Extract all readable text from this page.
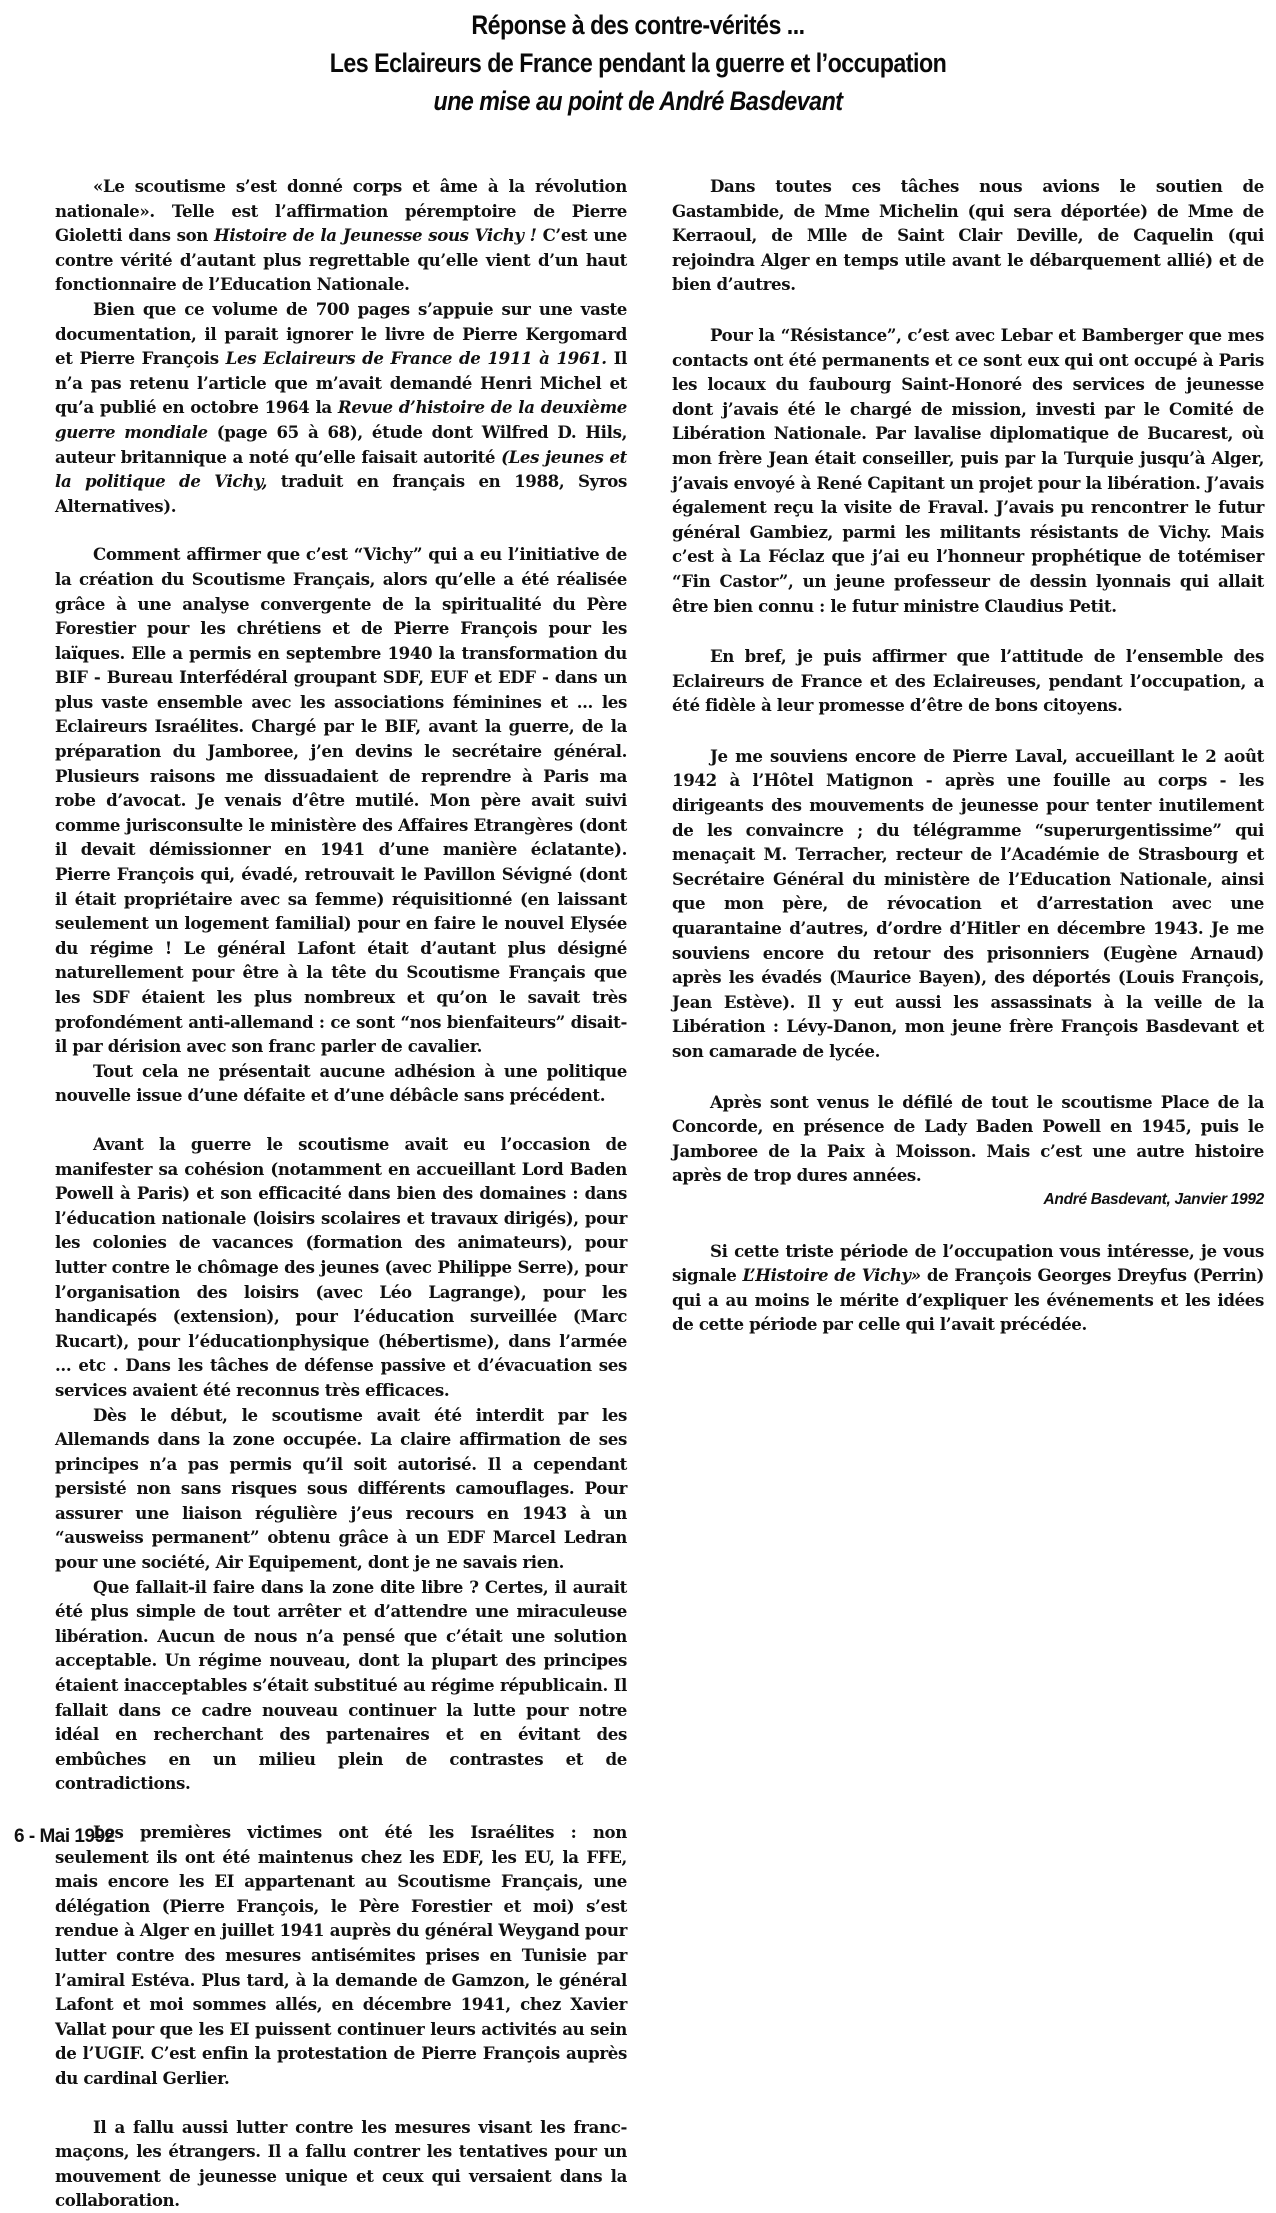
Réponse à des contre-vérités ...
Les Eclaireurs de France pendant la guerre et l’occupation
une mise au point de André Basdevant

«Le scoutisme s’est donné corps et âme à la révolution nationale». Telle est l’affirmation péremptoire de Pierre Gioletti dans son Histoire de la Jeunesse sous Vichy ! C’est une contre vérité d’autant plus regrettable qu’elle vient d’un haut fonctionnaire de l’Education Nationale.

Bien que ce volume de 700 pages s’appuie sur une vaste documentation, il parait ignorer le livre de Pierre Kergomard et Pierre François Les Eclaireurs de France de 1911 à 1961. Il n’a pas retenu l’article que m’avait demandé Henri Michel et qu’a publié en octobre 1964 la Revue d’histoire de la deuxième guerre mondiale (page 65 à 68), étude dont Wilfred D. Hils, auteur britannique a noté qu’elle faisait autorité (Les jeunes et la politique de Vichy, traduit en français en 1988, Syros Alternatives).

Comment affirmer que c’est “Vichy” qui a eu l’initiative de la création du Scoutisme Français, alors qu’elle a été réalisée grâce à une analyse convergente de la spiritualité du Père Forestier pour les chrétiens et de Pierre François pour les laïques. Elle a permis en septembre 1940 la transformation du BIF - Bureau Interfédéral groupant SDF, EUF et EDF - dans un plus vaste ensemble avec les associations féminines et ... les Eclaireurs Israélites. Chargé par le BIF, avant la guerre, de la préparation du Jamboree, j’en devins le secrétaire général. Plusieurs raisons me dissuadaient de reprendre à Paris ma robe d’avocat. Je venais d’être mutilé. Mon père avait suivi comme jurisconsulte le ministère des Affaires Etrangères (dont il devait démissionner en 1941 d’une manière éclatante). Pierre François qui, évadé, retrouvait le Pavillon Sévigné (dont il était propriétaire avec sa femme) réquisitionné (en laissant seulement un logement familial) pour en faire le nouvel Elysée du régime ! Le général Lafont était d’autant plus désigné naturellement pour être à la tête du Scoutisme Français que les SDF étaient les plus nombreux et qu’on le savait très profondément anti-allemand : ce sont “nos bienfaiteurs” disait-il par dérision avec son franc parler de cavalier.

Tout cela ne présentait aucune adhésion à une politique nouvelle issue d’une défaite et d’une débâcle sans précédent.

Avant la guerre le scoutisme avait eu l’occasion de manifester sa cohésion (notamment en accueillant Lord Baden Powell à Paris) et son efficacité dans bien des domaines : dans l’éducation nationale (loisirs scolaires et travaux dirigés), pour les colonies de vacances (formation des animateurs), pour lutter contre le chômage des jeunes (avec Philippe Serre), pour l’organisation des loisirs (avec Léo Lagrange), pour les handicapés (extension), pour l’éducation surveillée (Marc Rucart), pour l’éducationphysique (hébertisme), dans l’armée ... etc . Dans les tâches de défense passive et d’évacuation ses services avaient été reconnus très efficaces.

Dès le début, le scoutisme avait été interdit par les Allemands dans la zone occupée. La claire affirmation de ses principes n’a pas permis qu’il soit autorisé. Il a cependant persisté non sans risques sous différents camouflages. Pour assurer une liaison régulière j’eus recours en 1943 à un “ausweiss permanent” obtenu grâce à un EDF Marcel Ledran pour une société, Air Equipement, dont je ne savais rien.

Que fallait-il faire dans la zone dite libre ? Certes, il aurait été plus simple de tout arrêter et d’attendre une miraculeuse libération. Aucun de nous n’a pensé que c’était une solution acceptable. Un régime nouveau, dont la plupart des principes étaient inacceptables s’était substitué au régime républicain. Il fallait dans ce cadre nouveau continuer la lutte pour notre idéal en recherchant des partenaires et en évitant des embûches en un milieu plein de contrastes et de contradictions.

Les premières victimes ont été les Israélites : non seulement ils ont été maintenus chez les EDF, les EU, la FFE, mais encore les EI appartenant au Scoutisme Français, une délégation (Pierre François, le Père Forestier et moi) s’est rendue à Alger en juillet 1941 auprès du général Weygand pour lutter contre des mesures antisémites prises en Tunisie par l’amiral Estéva. Plus tard, à la demande de Gamzon, le général Lafont et moi sommes allés, en décembre 1941, chez Xavier Vallat pour que les EI puissent continuer leurs activités au sein de l’UGIF. C’est enfin la protestation de Pierre François auprès du cardinal Gerlier.

Il a fallu aussi lutter contre les mesures visant les franc-maçons, les étrangers. Il a fallu contrer les tentatives pour un mouvement de jeunesse unique et ceux qui versaient dans la collaboration.

Dans toutes ces tâches nous avions le soutien de Gastambide, de Mme Michelin (qui sera déportée) de Mme de Kerraoul, de Mlle de Saint Clair Deville, de Caquelin (qui rejoindra Alger en temps utile avant le débarquement allié) et de bien d’autres.

Pour la “Résistance”, c’est avec Lebar et Bamberger que mes contacts ont été permanents et ce sont eux qui ont occupé à Paris les locaux du faubourg Saint-Honoré des services de jeunesse dont j’avais été le chargé de mission, investi par le Comité de Libération Nationale. Par lavalise diplomatique de Bucarest, où mon frère Jean était conseiller, puis par la Turquie jusqu’à Alger, j’avais envoyé à René Capitant un projet pour la libération. J’avais également reçu la visite de Fraval. J’avais pu rencontrer le futur général Gambiez, parmi les militants résistants de Vichy. Mais c’est à La Féclaz que j’ai eu l’honneur prophétique de totémiser “Fin Castor”, un jeune professeur de dessin lyonnais qui allait être bien connu : le futur ministre Claudius Petit.

En bref, je puis affirmer que l’attitude de l’ensemble des Eclaireurs de France et des Eclaireuses, pendant l’occupation, a été fidèle à leur promesse d’être de bons citoyens.

Je me souviens encore de Pierre Laval, accueillant le 2 août 1942 à l’Hôtel Matignon - après une fouille au corps - les dirigeants des mouvements de jeunesse pour tenter inutilement de les convaincre ; du télégramme “superurgentissime” qui menaçait M. Terracher, recteur de l’Académie de Strasbourg et Secrétaire Général du ministère de l’Education Nationale, ainsi que mon père, de révocation et d’arrestation avec une quarantaine d’autres, d’ordre d’Hitler en décembre 1943. Je me souviens encore du retour des prisonniers (Eugène Arnaud) après les évadés (Maurice Bayen), des déportés (Louis François, Jean Estève). Il y eut aussi les assassinats à la veille de la Libération : Lévy-Danon, mon jeune frère François Basdevant et son camarade de lycée.

Après sont venus le défilé de tout le scoutisme Place de la Concorde, en présence de Lady Baden Powell en 1945, puis le Jamboree de la Paix à Moisson. Mais c’est une autre histoire après de trop dures années.

André Basdevant, Janvier 1992

Si cette triste période de l’occupation vous intéresse, je vous signale L’Histoire de Vichy» de François Georges Dreyfus (Perrin) qui a au moins le mérite d’expliquer les événements et les idées de cette période par celle qui l’avait précédée.

6 - Mai 1992
